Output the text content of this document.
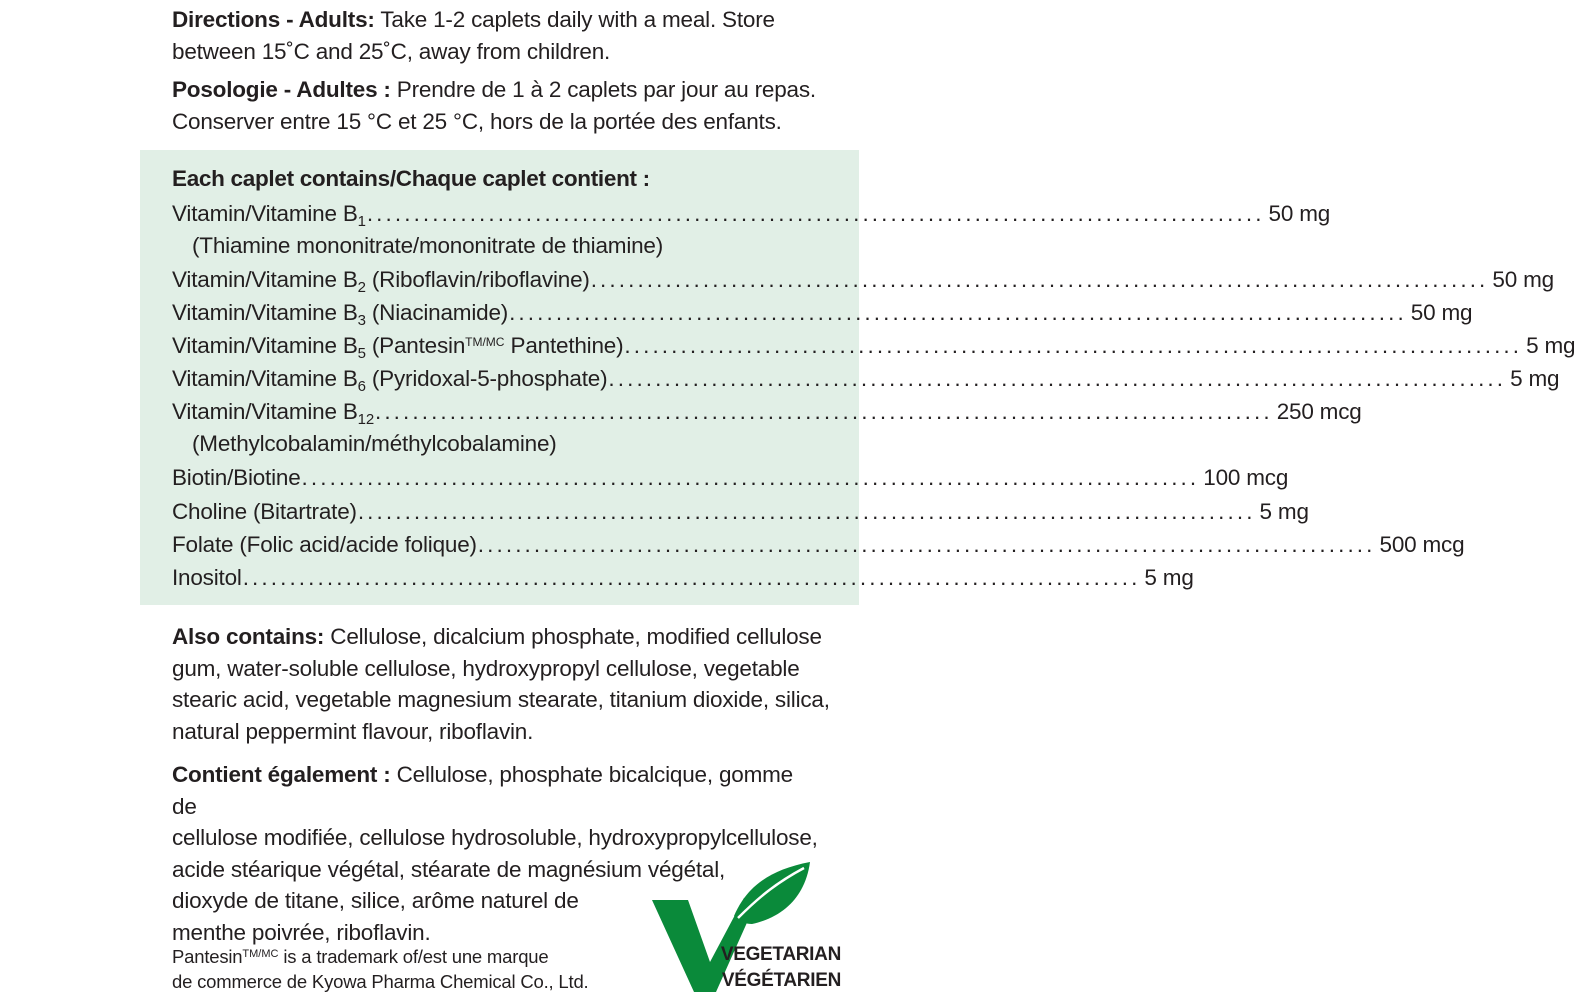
Directions - Adults: Take 1-2 caplets daily with a meal. Store
between 15˚C and 25˚C, away from children.
Posologie - Adultes : Prendre de 1 à 2 caplets par jour au repas.
Conserver entre 15 °C et 25 °C, hors de la portée des enfants.
Each caplet contains/Chaque caplet contient :
Vitamin/Vitamine $B_1$ ................................................................................................ 50 mg
(Thiamine mononitrate/mononitrate de thiamine)
Vitamin/Vitamine $B_2$ (Riboflavin/riboflavine) ................................................................................................ 50 mg
Vitamin/Vitamine $B_3$ (Niacinamide) ................................................................................................ 50 mg
Vitamin/Vitamine $B_5$ (Pantesin$^{TM/MC}$ Pantethine) ................................................................................................ 5 mg
Vitamin/Vitamine $B_6$ (Pyridoxal-5-phosphate) ................................................................................................ 5 mg
Vitamin/Vitamine $B_{12}$ ................................................................................................ 250 mcg
(Methylcobalamin/méthylcobalamine)
Biotin/Biotine ................................................................................................ 100 mcg
Choline (Bitartrate) ................................................................................................ 5 mg
Folate (Folic acid/acide folique) ................................................................................................ 500 mcg
Inositol ................................................................................................ 5 mg
Also contains: Cellulose, dicalcium phosphate, modified cellulose
gum, water-soluble cellulose, hydroxypropyl cellulose, vegetable
stearic acid, vegetable magnesium stearate, titanium dioxide, silica,
natural peppermint flavour, riboflavin.
Contient également : Cellulose, phosphate bicalcique, gomme de
cellulose modifiée, cellulose hydrosoluble, hydroxypropylcellulose,
acide stéarique végétal, stéarate de magnésium végétal,
dioxyde de titane, silice, arôme naturel de
menthe poivrée, riboflavin.
Pantesin$^{TM/MC}$ is a trademark of/est une marque
de commerce de Kyowa Pharma Chemical Co., Ltd.
VEGETARIAN
VÉGÉTARIEN
